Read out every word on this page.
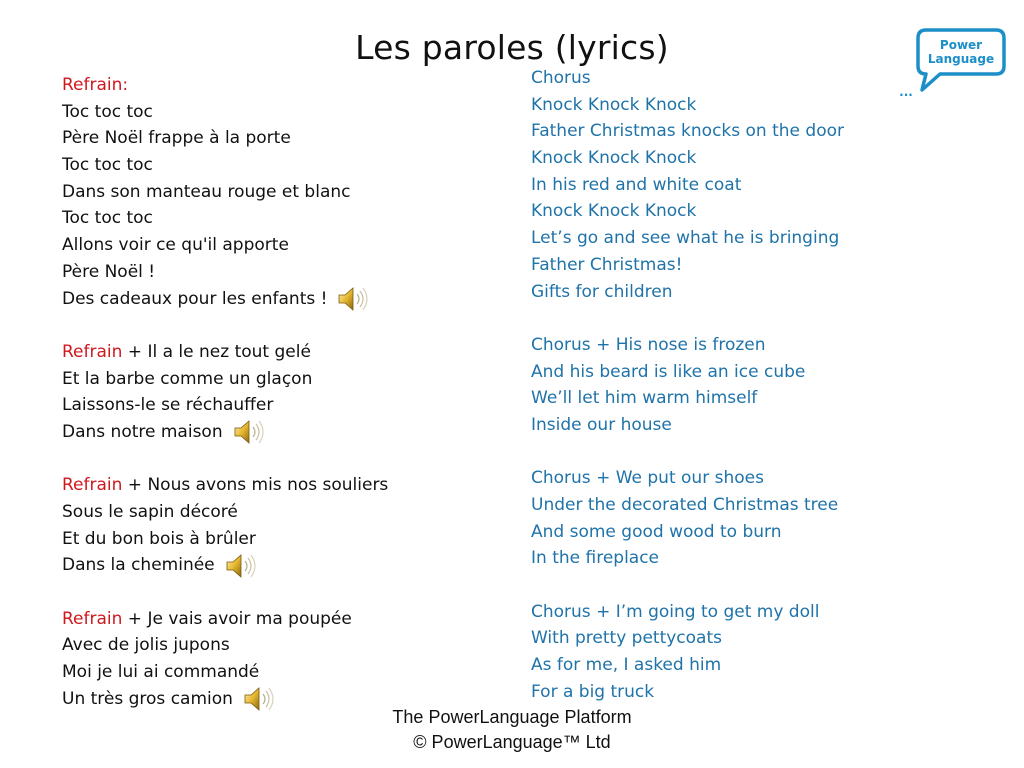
Les paroles (lyrics)	Power
Language
...
Refrain:
Toc toc toc
Père Noël frappe à la porte
Toc toc toc
Dans son manteau rouge et blanc
Toc toc toc
Allons voir ce qu'il apporte
Père Noël !
Des cadeaux pour les enfants !
Refrain + Il a le nez tout gelé
Et la barbe comme un glaçon
Laissons-le se réchauffer
Dans notre maison
Refrain + Nous avons mis nos souliers
Sous le sapin décoré
Et du bon bois à brûler
Dans la cheminée
Refrain + Je vais avoir ma poupée
Avec de jolis jupons
Moi je lui ai commandé
Un très gros camion
Chorus
Knock Knock Knock
Father Christmas knocks on the door
Knock Knock Knock
In his red and white coat
Knock Knock Knock
Let’s go and see what he is bringing
Father Christmas!
Gifts for children
Chorus + His nose is frozen
And his beard is like an ice cube
We’ll let him warm himself
Inside our house
Chorus + We put our shoes
Under the decorated Christmas tree
And some good wood to burn
In the fireplace
Chorus + I’m going to get my doll
With pretty pettycoats
As for me, I asked him
For a big truck
The PowerLanguage Platform
© PowerLanguage™ Ltd
